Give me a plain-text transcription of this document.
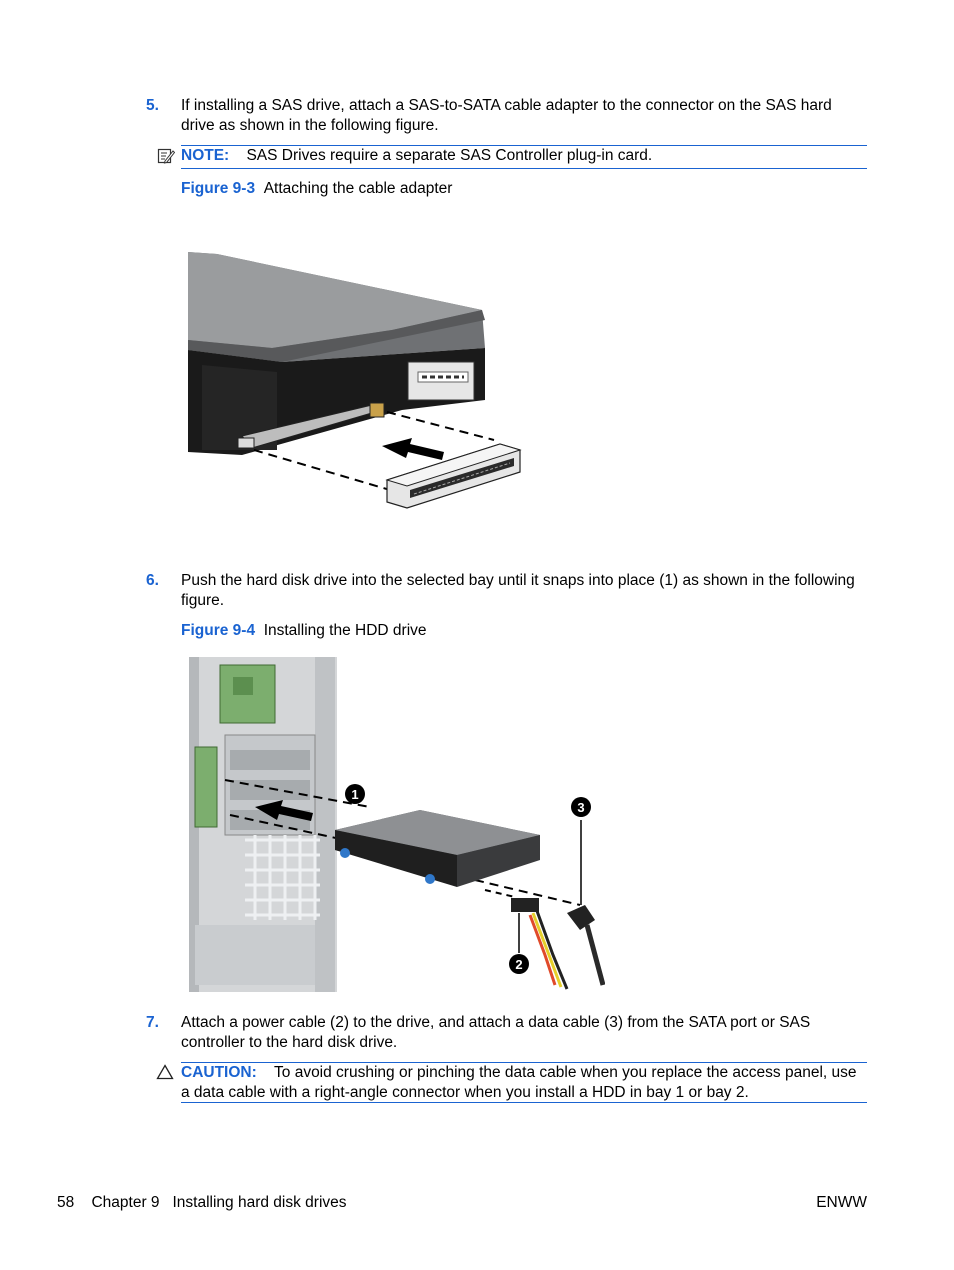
5. If installing a SAS drive, attach a SAS-to-SATA cable adapter to the connector on the SAS hard drive as shown in the following figure.
NOTE: SAS Drives require a separate SAS Controller plug-in card.
Figure 9-3 Attaching the cable adapter
6. Push the hard disk drive into the selected bay until it snaps into place (1) as shown in the following figure.
Figure 9-4 Installing the HDD drive
1
3
2
7. Attach a power cable (2) to the drive, and attach a data cable (3) from the SATA port or SAS controller to the hard disk drive.
CAUTION: To avoid crushing or pinching the data cable when you replace the access panel, use a data cable with a right-angle connector when you install a HDD in bay 1 or bay 2.
58 Chapter 9 Installing hard disk drives	ENWW
